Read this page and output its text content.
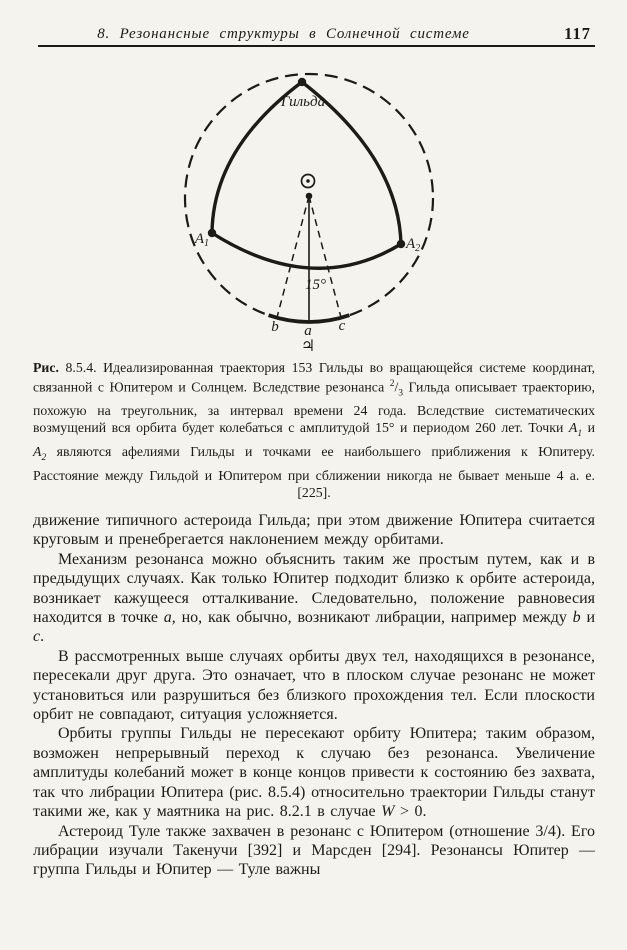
8. Резонансные структуры в Солнечной системе	117
Гильда
$A_1$	$A_2$
15°
b a c
♃
Рис. 8.5.4. Идеализированная траектория 153 Гильды во вращающейся системе координат, связанной с Юпитером и Солнцем. Вследствие резонанса $^2/_3$ Гильда описывает траекторию, похожую на треугольник, за интервал времени 24 года. Вследствие систематических возмущений вся орбита будет колебаться с амплитудой 15° и периодом 260 лет. Точки $A_1$ и $A_2$ являются афелиями Гильды и точками ее наибольшего приближения к Юпитеру. Расстояние между Гильдой и Юпитером при сближении никогда не бывает меньше 4 а. е. [225].

движение типичного астероида Гильда; при этом движение Юпитера считается круговым и пренебрегается наклонением между орбитами.

Механизм резонанса можно объяснить таким же простым путем, как и в предыдущих случаях. Как только Юпитер подходит близко к орбите астероида, возникает кажущееся отталкивание. Следовательно, положение равновесия находится в точке a, но, как обычно, возникают либрации, например между b и c.

В рассмотренных выше случаях орбиты двух тел, находящихся в резонансе, пересекали друг друга. Это означает, что в плоском случае резонанс не может установиться или разрушиться без близкого прохождения тел. Если плоскости орбит не совпадают, ситуация усложняется.

Орбиты группы Гильды не пересекают орбиту Юпитера; таким образом, возможен непрерывный переход к случаю без резонанса. Увеличение амплитуды колебаний может в конце концов привести к состоянию без захвата, так что либрации Юпитера (рис. 8.5.4) относительно траектории Гильды станут такими же, как у маятника на рис. 8.2.1 в случае W > 0.

Астероид Туле также захвачен в резонанс с Юпитером (отношение 3/4). Его либрации изучали Такенучи [392] и Марсден [294]. Резонансы Юпитер — группа Гильды и Юпитер — Туле важны
